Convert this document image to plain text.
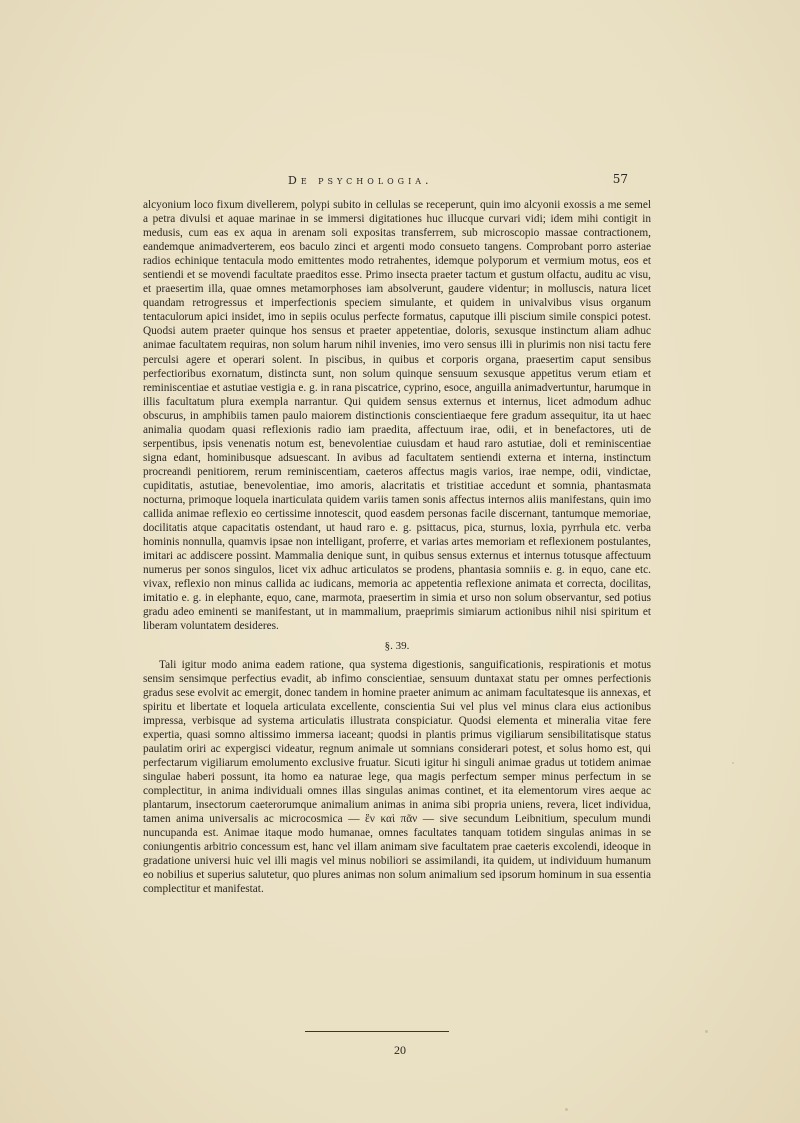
De psychologia.	57

alcyonium loco fixum divellerem, polypi subito in cellulas se receperunt, quin imo alcyonii exossis a me semel a petra divulsi et aquae marinae in se immersi digitationes huc illucque curvari vidi; idem mihi contigit in medusis, cum eas ex aqua in arenam soli expositas transferrem, sub microscopio massae contractionem, eandemque animadverterem, eos baculo zinci et argenti modo consueto tangens. Comprobant porro asteriae radios echinique tentacula modo emittentes modo retrahentes, idemque polyporum et vermium motus, eos et sentiendi et se movendi facultate praeditos esse. Primo insecta praeter tactum et gustum olfactu, auditu ac visu, et praesertim illa, quae omnes metamorphoses iam absolverunt, gaudere videntur; in molluscis, natura licet quandam retrogressus et imperfectionis speciem simulante, et quidem in univalvibus visus organum tentaculorum apici insidet, imo in sepiis oculus perfecte formatus, caputque illi piscium simile conspici potest. Quodsi autem praeter quinque hos sensus et praeter appetentiae, doloris, sexusque instinctum aliam adhuc animae facultatem requiras, non solum harum nihil invenies, imo vero sensus illi in plurimis non nisi tactu fere perculsi agere et operari solent. In piscibus, in quibus et corporis organa, praesertim caput sensibus perfectioribus exornatum, distincta sunt, non solum quinque sensuum sexusque appetitus verum etiam et reminiscentiae et astutiae vestigia e. g. in rana piscatrice, cyprino, esoce, anguilla animadvertuntur, harumque in illis facultatum plura exempla narrantur. Qui quidem sensus externus et internus, licet admodum adhuc obscurus, in amphibiis tamen paulo maiorem distinctionis conscientiaeque fere gradum assequitur, ita ut haec animalia quodam quasi reflexionis radio iam praedita, affectuum irae, odii, et in benefactores, uti de serpentibus, ipsis venenatis notum est, benevolentiae cuiusdam et haud raro astutiae, doli et reminiscentiae signa edant, hominibusque adsuescant. In avibus ad facultatem sentiendi externa et interna, instinctum procreandi penitiorem, rerum reminiscentiam, caeteros affectus magis varios, irae nempe, odii, vindictae, cupiditatis, astutiae, benevolentiae, imo amoris, alacritatis et tristitiae accedunt et somnia, phantasmata nocturna, primoque loquela inarticulata quidem variis tamen sonis affectus internos aliis manifestans, quin imo callida animae reflexio eo certissime innotescit, quod easdem personas facile discernant, tantumque memoriae, docilitatis atque capacitatis ostendant, ut haud raro e. g. psittacus, pica, sturnus, loxia, pyrrhula etc. verba hominis nonnulla, quamvis ipsae non intelligant, proferre, et varias artes memoriam et reflexionem postulantes, imitari ac addiscere possint. Mammalia denique sunt, in quibus sensus externus et internus totusque affectuum numerus per sonos singulos, licet vix adhuc articulatos se prodens, phantasia somniis e. g. in equo, cane etc. vivax, reflexio non minus callida ac iudicans, memoria ac appetentia reflexione animata et correcta, docilitas, imitatio e. g. in elephante, equo, cane, marmota, praesertim in simia et urso non solum observantur, sed potius gradu adeo eminenti se manifestant, ut in mammalium, praeprimis simiarum actionibus nihil nisi spiritum et liberam voluntatem desideres.

§. 39.

Tali igitur modo anima eadem ratione, qua systema digestionis, sanguificationis, respirationis et motus sensim sensimque perfectius evadit, ab infimo conscientiae, sensuum duntaxat statu per omnes perfectionis gradus sese evolvit ac emergit, donec tandem in homine praeter animum ac animam facultatesque iis annexas, et spiritu et libertate et loquela articulata excellente, conscientia Sui vel plus vel minus clara eius actionibus impressa, verbisque ad systema articulatis illustrata conspiciatur. Quodsi elementa et mineralia vitae fere expertia, quasi somno altissimo immersa iaceant; quodsi in plantis primus vigiliarum sensibilitatisque status paulatim oriri ac expergisci videatur, regnum animale ut somnians considerari potest, et solus homo est, qui perfectarum vigiliarum emolumento exclusive fruatur. Sicuti igitur hi singuli animae gradus ut totidem animae singulae haberi possunt, ita homo ea naturae lege, qua magis perfectum semper minus perfectum in se complectitur, in anima individuali omnes illas singulas animas continet, et ita elementorum vires aeque ac plantarum, insectorum caeterorumque animalium animas in anima sibi propria uniens, revera, licet individua, tamen anima universalis ac microcosmica — ἓν καὶ πᾶν — sive secundum Leibnitium, speculum mundi nuncupanda est. Animae itaque modo humanae, omnes facultates tanquam totidem singulas animas in se coniungentis arbitrio concessum est, hanc vel illam animam sive facultatem prae caeteris excolendi, ideoque in gradatione universi huic vel illi magis vel minus nobiliori se assimilandi, ita quidem, ut individuum humanum eo nobilius et superius salutetur, quo plures animas non solum animalium sed ipsorum hominum in sua essentia complectitur et manifestat.

20
